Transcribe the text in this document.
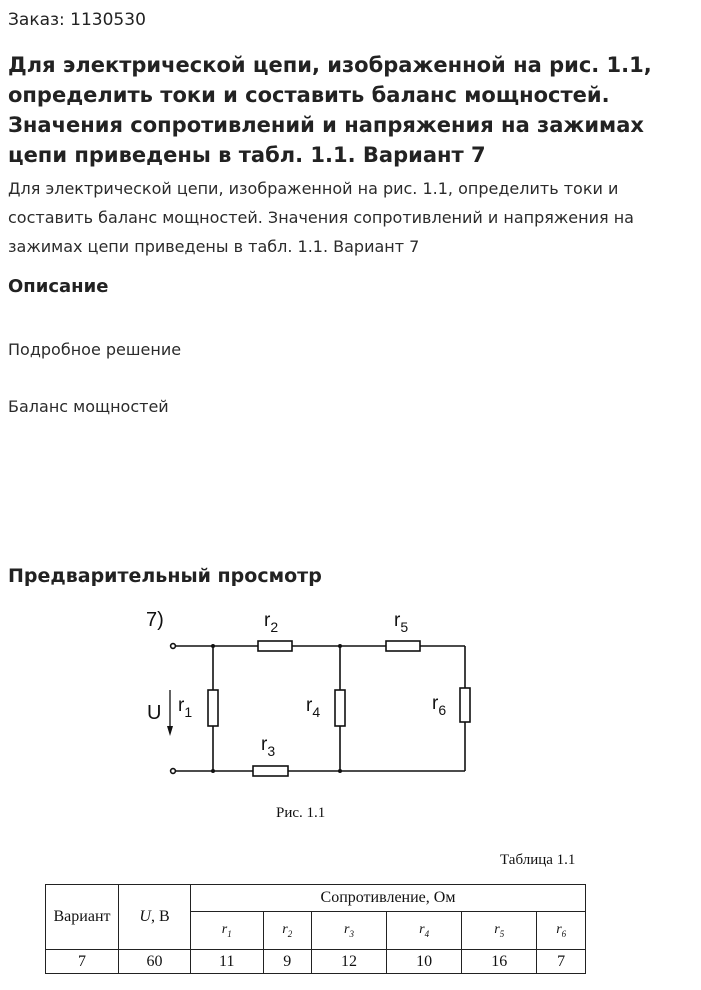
Заказ: 1130530
Для электрической цепи, изображенной на рис. 1.1, определить токи и составить баланс мощностей. Значения сопротивлений и напряжения на зажимах цепи приведены в табл. 1.1. Вариант 7

Для электрической цепи, изображенной на рис. 1.1, определить токи и составить баланс мощностей. Значения сопротивлений и напряжения на зажимах цепи приведены в табл. 1.1. Вариант 7

Описание
Подробное решение
Баланс мощностей
Предварительный просмотр
7)
U
$r_2$	$r_5$
$r_3$
$r_1$	$r_4$	$r_6$
Рис. 1.1
Таблица 1.1
Вариант	U, В	Сопротивление, Ом					
		$r_1$	$r_2$	$r_3$	$r_4$	$r_5$	$r_6$
7	60	11	9	12	10	16	7
